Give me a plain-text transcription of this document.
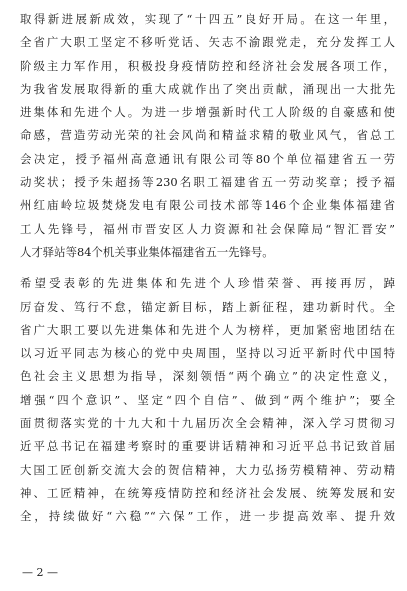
取得新进展新成效，实现了“十四五”良好开局。在这一年里，
全省广大职工坚定不移听党话、矢志不渝跟党走，充分发挥工人
阶级主力军作用，积极投身疫情防控和经济社会发展各项工作，
为我省发展取得新的重大成就作出了突出贡献，涌现出一大批先
进集体和先进个人。为进一步增强新时代工人阶级的自豪感和使
命感，营造劳动光荣的社会风尚和精益求精的敬业风气，省总工
会决定，授予福州高意通讯有限公司等80个单位福建省五一劳
动奖状；授予朱超扬等230名职工福建省五一劳动奖章；授予福
州红庙岭垃圾焚烧发电有限公司技术部等146个企业集体福建省
工人先锋号，福州市晋安区人力资源和社会保障局“智汇晋安”
人才驿站等84个机关事业集体福建省五一先锋号。
希望受表彰的先进集体和先进个人珍惜荣誉、再接再厉，踔
厉奋发、笃行不怠，锚定新目标，踏上新征程，建功新时代。全
省广大职工要以先进集体和先进个人为榜样，更加紧密地团结在
以习近平同志为核心的党中央周围，坚持以习近平新时代中国特
色社会主义思想为指导，深刻领悟“两个确立”的决定性意义，
增强“四个意识”、坚定“四个自信”、做到“两个维护”；要全
面贯彻落实党的十九大和十九届历次全会精神，深入学习贯彻习
近平总书记在福建考察时的重要讲话精神和习近平总书记致首届
大国工匠创新交流大会的贺信精神，大力弘扬劳模精神、劳动精
神、工匠精神，在统筹疫情防控和经济社会发展、统筹发展和安
全，持续做好“六稳”“六保”工作，进一步提高效率、提升效
— 2 —
